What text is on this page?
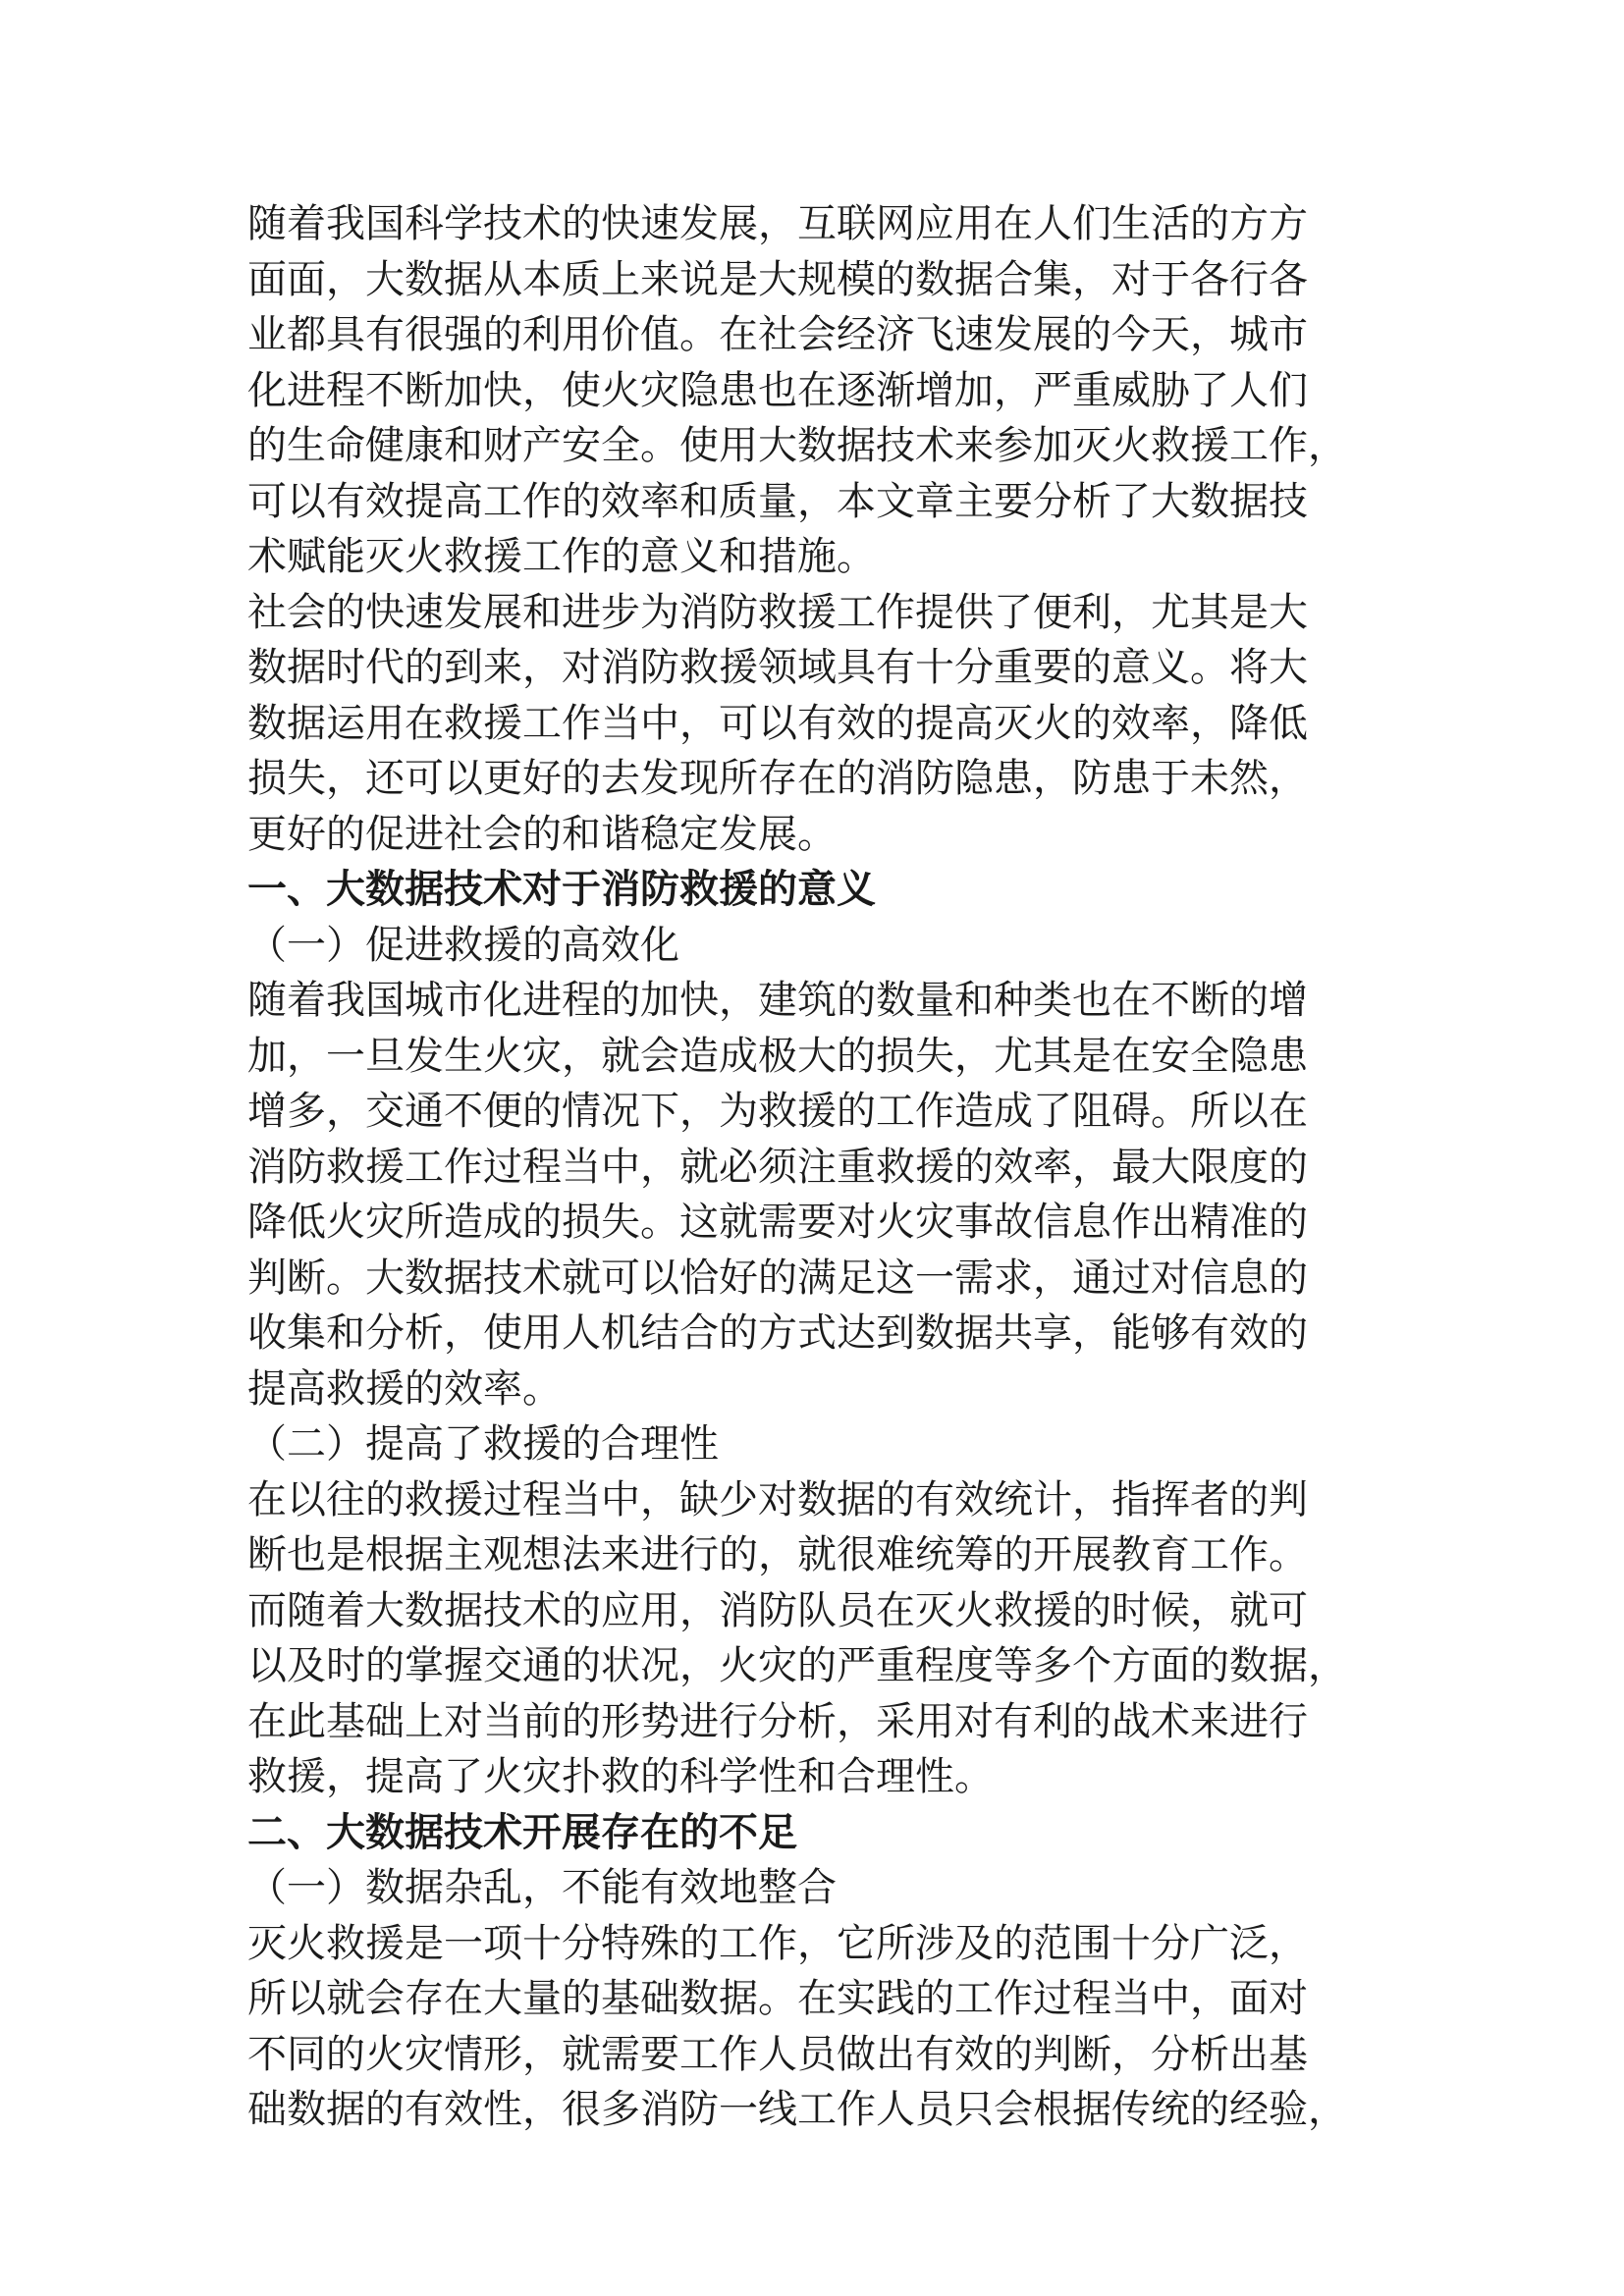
随着我国科学技术的快速发展，互联网应用在人们生活的方方
面面，大数据从本质上来说是大规模的数据合集，对于各行各
业都具有很强的利用价值。在社会经济飞速发展的今天，城市
化进程不断加快，使火灾隐患也在逐渐增加，严重威胁了人们
的生命健康和财产安全。使用大数据技术来参加灭火救援工作，
可以有效提高工作的效率和质量，本文章主要分析了大数据技
术赋能灭火救援工作的意义和措施。
社会的快速发展和进步为消防救援工作提供了便利，尤其是大
数据时代的到来，对消防救援领域具有十分重要的意义。将大
数据运用在救援工作当中，可以有效的提高灭火的效率，降低
损失，还可以更好的去发现所存在的消防隐患，防患于未然，
更好的促进社会的和谐稳定发展。
一、大数据技术对于消防救援的意义
（一）促进救援的高效化
随着我国城市化进程的加快，建筑的数量和种类也在不断的增
加，一旦发生火灾，就会造成极大的损失，尤其是在安全隐患
增多，交通不便的情况下，为救援的工作造成了阻碍。所以在
消防救援工作过程当中，就必须注重救援的效率，最大限度的
降低火灾所造成的损失。这就需要对火灾事故信息作出精准的
判断。大数据技术就可以恰好的满足这一需求，通过对信息的
收集和分析，使用人机结合的方式达到数据共享，能够有效的
提高救援的效率。
（二）提高了救援的合理性
在以往的救援过程当中，缺少对数据的有效统计，指挥者的判
断也是根据主观想法来进行的，就很难统筹的开展教育工作。
而随着大数据技术的应用，消防队员在灭火救援的时候，就可
以及时的掌握交通的状况，火灾的严重程度等多个方面的数据，
在此基础上对当前的形势进行分析，采用对有利的战术来进行
救援，提高了火灾扑救的科学性和合理性。
二、大数据技术开展存在的不足
（一）数据杂乱，不能有效地整合
灭火救援是一项十分特殊的工作，它所涉及的范围十分广泛，
所以就会存在大量的基础数据。在实践的工作过程当中，面对
不同的火灾情形，就需要工作人员做出有效的判断，分析出基
础数据的有效性，很多消防一线工作人员只会根据传统的经验，
